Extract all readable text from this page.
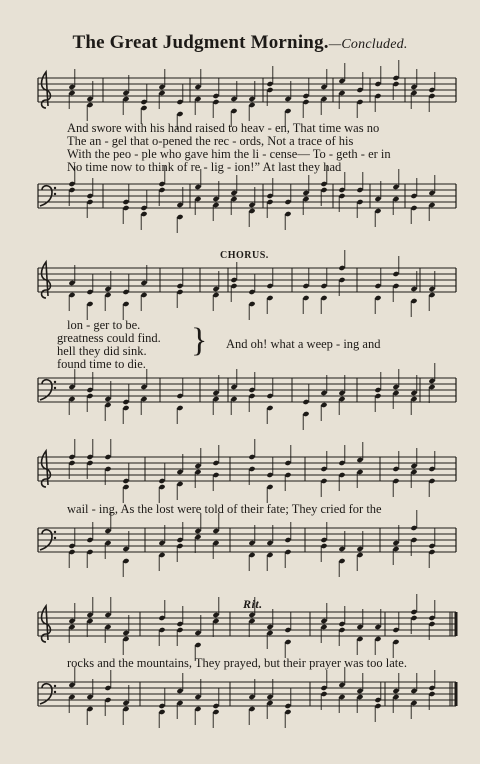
The Great Judgment Morning.—Concluded.
And swore with his hand raised to heav - en, That time was no
The an - gel that o-pened the rec - ords, Not a trace of his
With the peo - ple who gave him the li - cense— To - geth - er in
No time now to think of re - lig - ion!” At last they had
CHORUS.
lon - ger to be.
greatness could find.
hell they did sink.
found time to die.
} And oh! what a weep - ing and
wail - ing, As the lost were told of their fate; They cried for the
Rit.
rocks and the mountains, They prayed, but their prayer was too late.
